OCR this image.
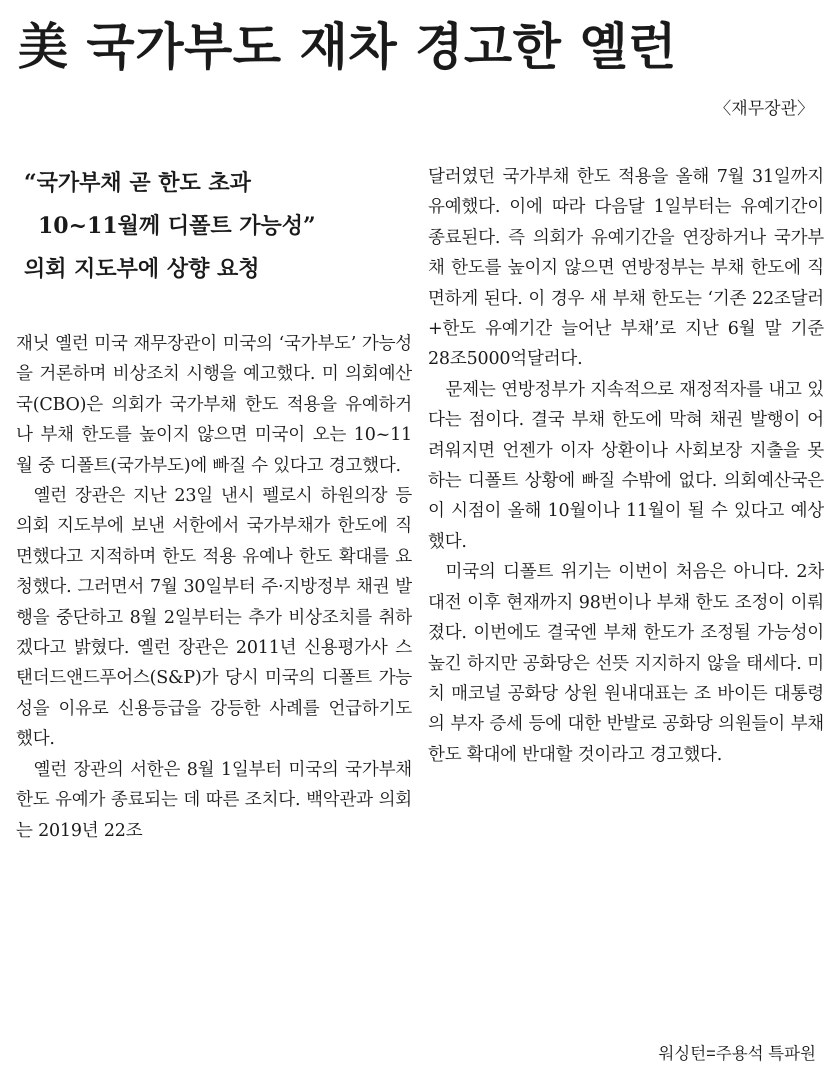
美 국가부도 재차 경고한 옐런
〈재무장관〉
“국가부채 곧 한도 초과
10~11월께 디폴트 가능성”
의회 지도부에 상향 요청

재닛 옐런 미국 재무장관이 미국의 ‘국가부도’ 가능성을 거론하며 비상조치 시행을 예고했다. 미 의회예산국(CBO)은 의회가 국가부채 한도 적용을 유예하거나 부채 한도를 높이지 않으면 미국이 오는 10~11월 중 디폴트(국가부도)에 빠질 수 있다고 경고했다.

옐런 장관은 지난 23일 낸시 펠로시 하원의장 등 의회 지도부에 보낸 서한에서 국가부채가 한도에 직면했다고 지적하며 한도 적용 유예나 한도 확대를 요청했다. 그러면서 7월 30일부터 주·지방정부 채권 발행을 중단하고 8월 2일부터는 추가 비상조치를 취하겠다고 밝혔다. 옐런 장관은 2011년 신용평가사 스탠더드앤드푸어스(S&P)가 당시 미국의 디폴트 가능성을 이유로 신용등급을 강등한 사례를 언급하기도 했다.

옐런 장관의 서한은 8월 1일부터 미국의 국가부채 한도 유예가 종료되는 데 따른 조치다. 백악관과 의회는 2019년 22조

달러였던 국가부채 한도 적용을 올해 7월 31일까지 유예했다. 이에 따라 다음달 1일부터는 유예기간이 종료된다. 즉 의회가 유예기간을 연장하거나 국가부채 한도를 높이지 않으면 연방정부는 부채 한도에 직면하게 된다. 이 경우 새 부채 한도는 ‘기존 22조달러+한도 유예기간 늘어난 부채’로 지난 6월 말 기준 28조5000억달러다.

문제는 연방정부가 지속적으로 재정적자를 내고 있다는 점이다. 결국 부채 한도에 막혀 채권 발행이 어려워지면 언젠가 이자 상환이나 사회보장 지출을 못하는 디폴트 상황에 빠질 수밖에 없다. 의회예산국은 이 시점이 올해 10월이나 11월이 될 수 있다고 예상했다.

미국의 디폴트 위기는 이번이 처음은 아니다. 2차대전 이후 현재까지 98번이나 부채 한도 조정이 이뤄졌다. 이번에도 결국엔 부채 한도가 조정될 가능성이 높긴 하지만 공화당은 선뜻 지지하지 않을 태세다. 미치 매코널 공화당 상원 원내대표는 조 바이든 대통령의 부자 증세 등에 대한 반발로 공화당 의원들이 부채 한도 확대에 반대할 것이라고 경고했다.

워싱턴=주용석 특파원
